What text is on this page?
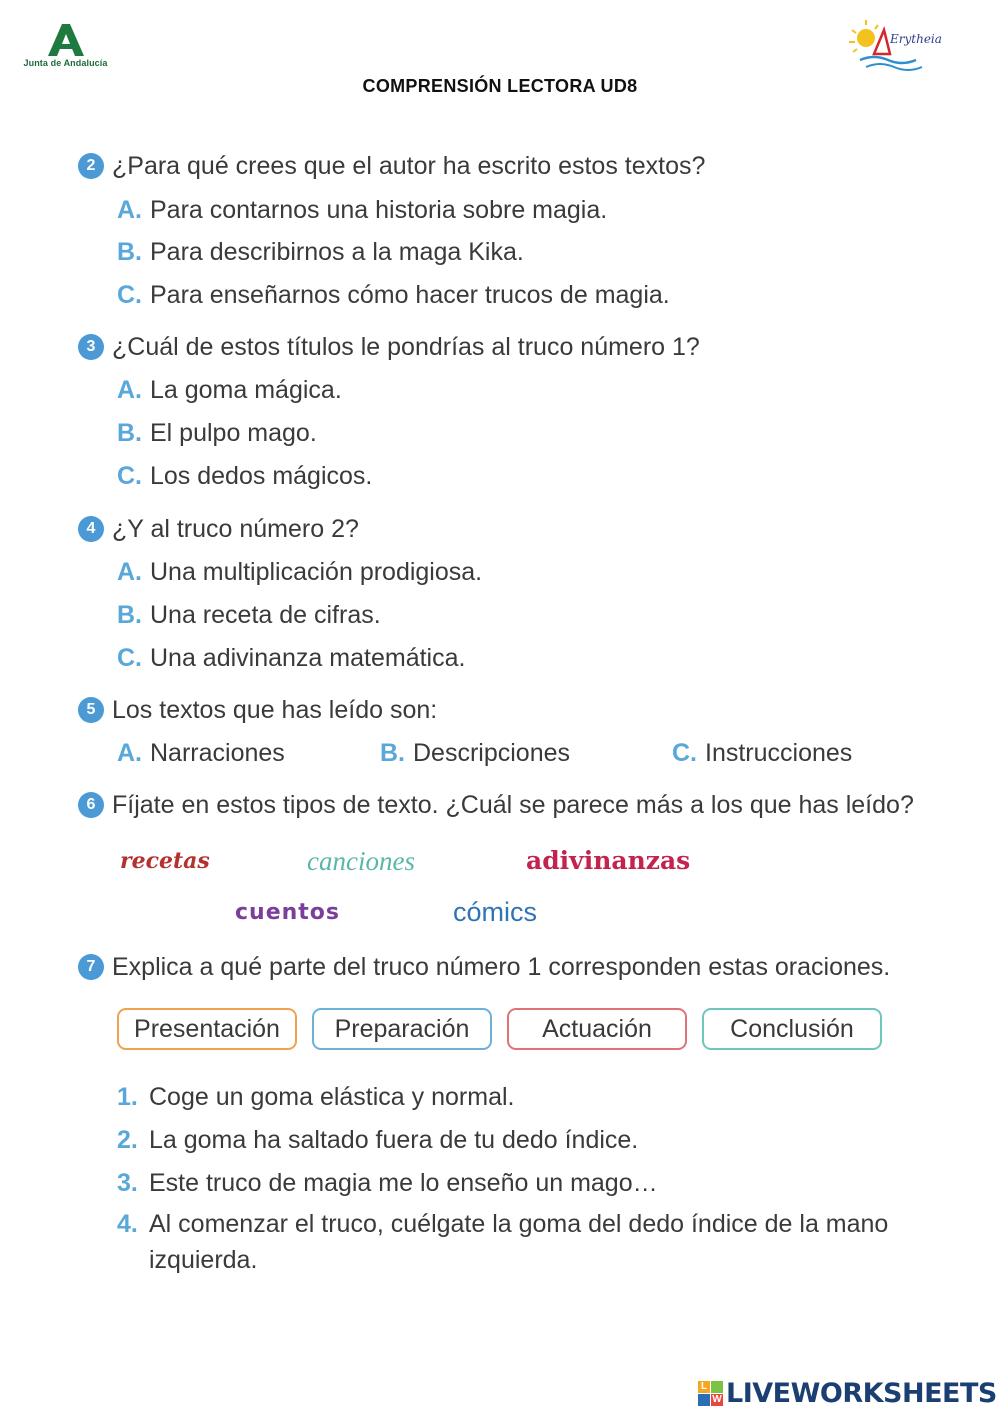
Junta de Andalucía
Erytheia
COMPRENSIÓN LECTORA UD8
2 ¿Para qué crees que el autor ha escrito estos textos?
A. Para contarnos una historia sobre magia.
B. Para describirnos a la maga Kika.
C. Para enseñarnos cómo hacer trucos de magia.
3 ¿Cuál de estos títulos le pondrías al truco número 1?
A. La goma mágica.
B. El pulpo mago.
C. Los dedos mágicos.
4 ¿Y al truco número 2?
A. Una multiplicación prodigiosa.
B. Una receta de cifras.
C. Una adivinanza matemática.
5 Los textos que has leído son:
A. Narraciones	B. Descripciones	C. Instrucciones
6 Fíjate en estos tipos de texto. ¿Cuál se parece más a los que has leído?
recetas	canciones	adivinanzas
cuentos	cómics
7 Explica a qué parte del truco número 1 corresponden estas oraciones.
Presentación	Preparación	Actuación	Conclusión
1. Coge un goma elástica y normal.
2. La goma ha saltado fuera de tu dedo índice.
3. Este truco de magia me lo enseño un mago…
4. Al comenzar el truco, cuélgate la goma del dedo índice de la mano izquierda.
L
W LIVEWORKSHEETS
